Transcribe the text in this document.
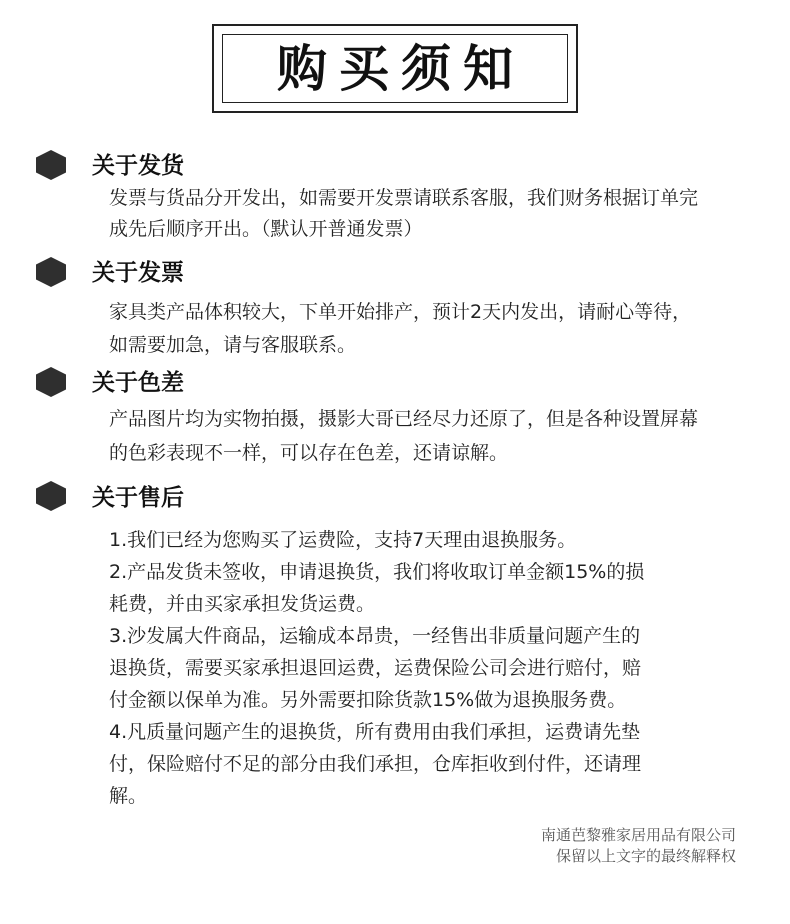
购买须知
关于发货
发票与货品分开发出，如需要开发票请联系客服，我们财务根据订单完
成先后顺序开出。（默认开普通发票）
关于发票
家具类产品体积较大，下单开始排产，预计2天内发出，请耐心等待，
如需要加急，请与客服联系。
关于色差
产品图片均为实物拍摄，摄影大哥已经尽力还原了，但是各种设置屏幕
的色彩表现不一样，可以存在色差，还请谅解。
关于售后
1.我们已经为您购买了运费险，支持7天理由退换服务。
2.产品发货未签收，申请退换货，我们将收取订单金额15%的损
耗费，并由买家承担发货运费。
3.沙发属大件商品，运输成本昂贵，一经售出非质量问题产生的
退换货，需要买家承担退回运费，运费保险公司会进行赔付，赔
付金额以保单为准。另外需要扣除货款15%做为退换服务费。
4.凡质量问题产生的退换货，所有费用由我们承担，运费请先垫
付，保险赔付不足的部分由我们承担，仓库拒收到付件，还请理
解。
南通芭黎雅家居用品有限公司
保留以上文字的最终解释权
